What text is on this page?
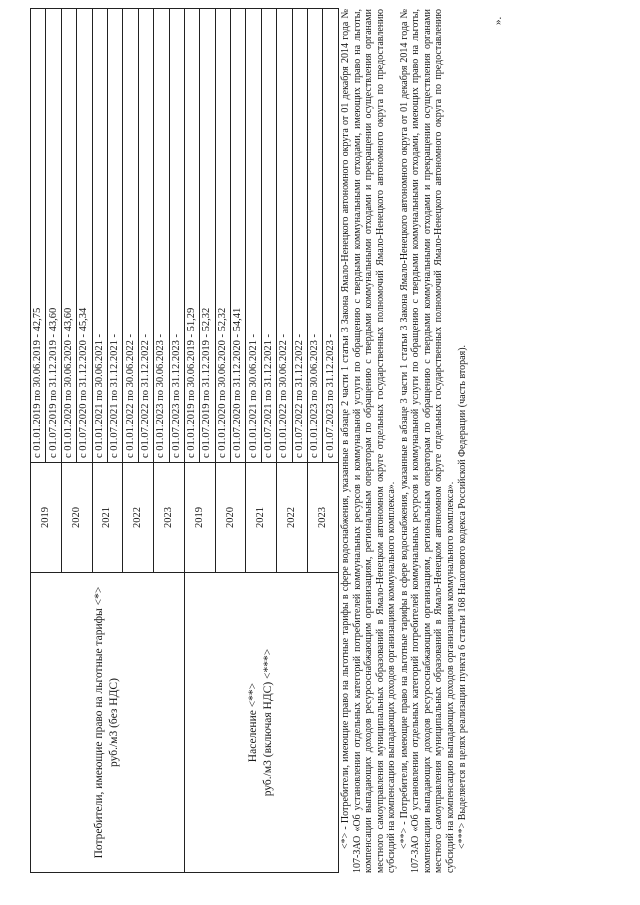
Потребители, имеющие право на льготные тарифы <*> руб./м3 (без НДС)	2019	с 01.01.2019 по 30.06.2019 - 42,75
		с 01.07.2019 по 31.12.2019 - 43,60
	2020	с 01.01.2020 по 30.06.2020 - 43,60
		с 01.07.2020 по 31.12.2020 - 45,34
	2021	с 01.01.2021 по 30.06.2021 -
		с 01.07.2021 по 31.12.2021 -
	2022	с 01.01.2022 по 30.06.2022 -
		с 01.07.2022 по 31.12.2022 -
	2023	с 01.01.2023 по 30.06.2023 -
		с 01.07.2023 по 31.12.2023 -

Население <**> руб./м3 (включая НДС) <***>	2019	с 01.01.2019 по 30.06.2019 - 51,29
		с 01.07.2019 по 31.12.2019 - 52,32
	2020	с 01.01.2020 по 30.06.2020 - 52,32
		с 01.07.2020 по 31.12.2020 - 54,41
	2021	с 01.01.2021 по 30.06.2021 -
		с 01.07.2021 по 31.12.2021 -
	2022	с 01.01.2022 по 30.06.2022 -
		с 01.07.2022 по 31.12.2022 -
	2023	с 01.01.2023 по 30.06.2023 -
		с 01.07.2023 по 31.12.2023 - <*> - Потребители, имеющие право на льготные тарифы в сфере водоснабжения, указанные в абзаце 2 части 1 статьи 3 Закона Ямало-Ненецкого автономного округа от 01 декабря 2014 года № 107-ЗАО «Об установлении отдельных категорий потребителей коммунальных ресурсов и коммунальной услуги по обращению с твердыми коммунальными отходами, имеющих право на льготы, компенсации выпадающих доходов ресурсоснабжающим организациям, региональным операторам по обращению с твердыми коммунальными отходами и прекращении осуществления органами местного самоуправления муниципальных образований в Ямало-Ненецком автономном округе отдельных государственных полномочий Ямало-Ненецкого автономного округа по предоставлению субсидий на компенсацию выпадающих доходов организациям коммунального комплекса». <**> - Потребители, имеющие право на льготные тарифы в сфере водоснабжения, указанные в абзаце 3 части 1 статьи 3 Закона Ямало-Ненецкого автономного округа от 01 декабря 2014 года № 107-ЗАО «Об установлении отдельных категорий потребителей коммунальных ресурсов и коммунальной услуги по обращению с твердыми коммунальными отходами, имеющих право на льготы, компенсации выпадающих доходов ресурсоснабжающим организациям, региональным операторам по обращению с твердыми коммунальными отходами и прекращении осуществления органами местного самоуправления муниципальных образований в Ямало-Ненецком автономном округе отдельных государственных полномочий Ямало-Ненецкого автономного округа по предоставлению субсидий на компенсацию выпадающих доходов организациям коммунального комплекса». <***> Выделяется в целях реализации пункта 6 статьи 168 Налогового кодекса Российской Федерации (часть вторая).

».
